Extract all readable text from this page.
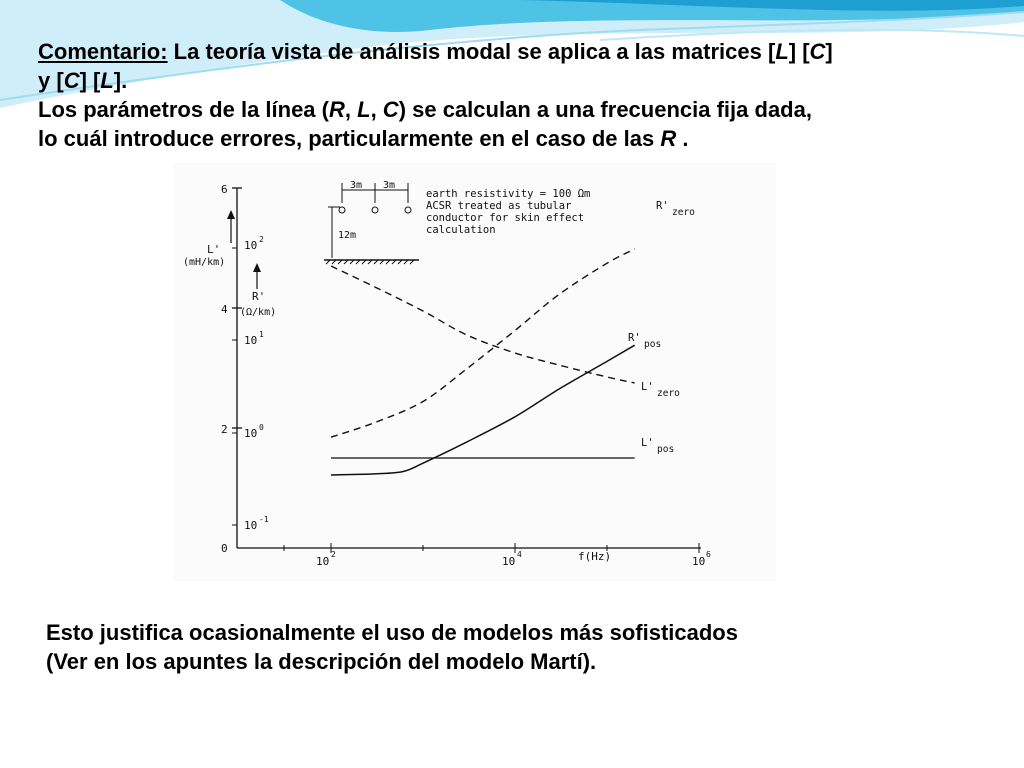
Comentario: La teoría vista de análisis modal se aplica a las matrices [L] [C]
y [C] [L].
Los parámetros de la línea (R, L, C) se calculan a una frecuencia fija dada,
lo cuál introduce errores, particularmente en el caso de las R .
6
4
2
0
L'
(mH/km)
10 2
10 1
10 0
10 -1
R'
(Ω/km)
10
2
10
4
10
6
f(Hz)
3m 3m
12m
earth resistivity = 100 Ωm
ACSR treated as tubular
conductor for skin effect
calculation
R'
zero
R'
pos
L'
zero
L'
pos
Esto justifica ocasionalmente el uso de modelos más sofisticados
(Ver en los apuntes la descripción del modelo Martí).
